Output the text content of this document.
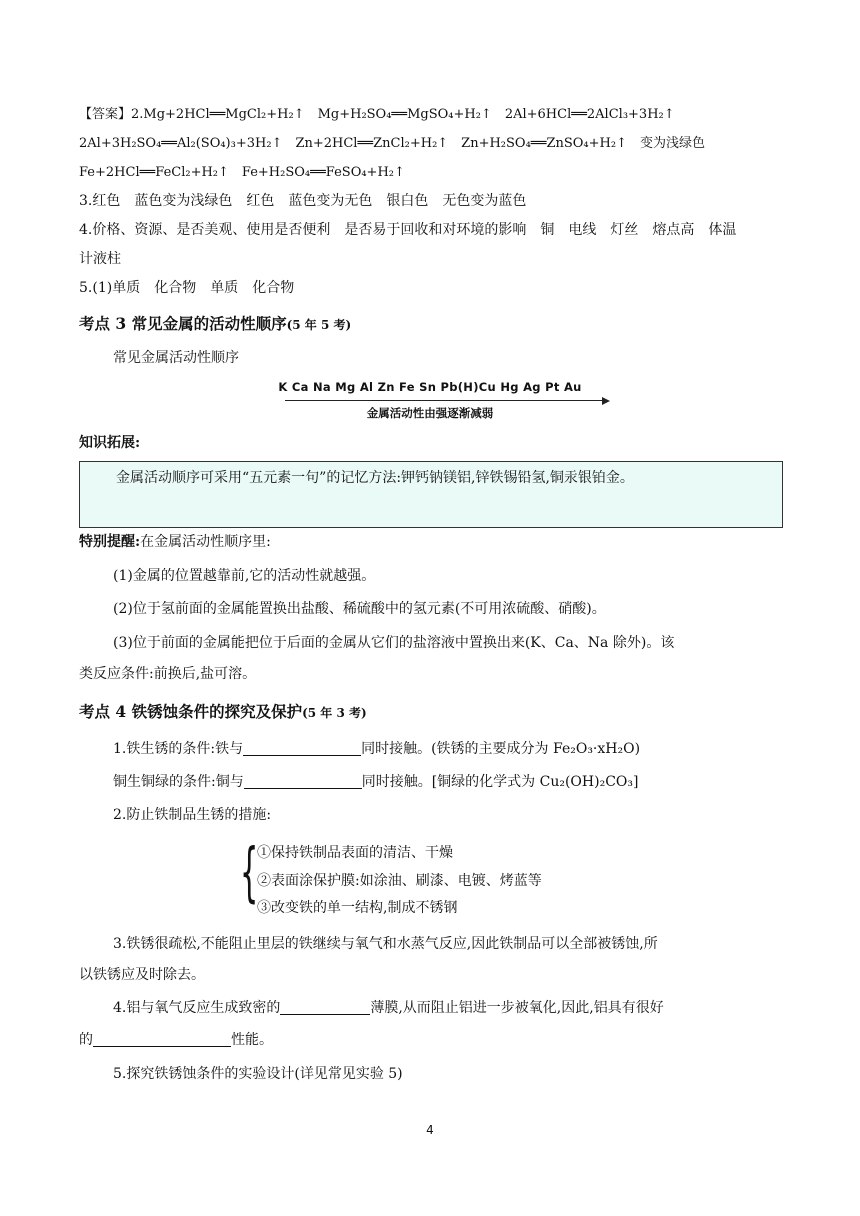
【答案】2.Mg+2HCl══MgCl₂+H₂↑　Mg+H₂SO₄══MgSO₄+H₂↑　2Al+6HCl══2AlCl₃+3H₂↑
2Al+3H₂SO₄══Al₂(SO₄)₃+3H₂↑　Zn+2HCl══ZnCl₂+H₂↑　Zn+H₂SO₄══ZnSO₄+H₂↑　变为浅绿色
Fe+2HCl══FeCl₂+H₂↑　Fe+H₂SO₄══FeSO₄+H₂↑
3.红色　蓝色变为浅绿色　红色　蓝色变为无色　银白色　无色变为蓝色
4.价格、资源、是否美观、使用是否便利　是否易于回收和对环境的影响　铜　电线　灯丝　熔点高　体温
计液柱
5.(1)单质　化合物　单质　化合物
考点 3 常见金属的活动性顺序(5 年 5 考)
常见金属活动性顺序
K Ca Na Mg Al Zn Fe Sn Pb(H)Cu Hg Ag Pt Au
金属活动性由强逐渐减弱
知识拓展:
金属活动顺序可采用“五元素一句”的记忆方法:钾钙钠镁铝,锌铁锡铅氢,铜汞银铂金。
特别提醒:在金属活动性顺序里:
(1)金属的位置越靠前,它的活动性就越强。
(2)位于氢前面的金属能置换出盐酸、稀硫酸中的氢元素(不可用浓硫酸、硝酸)。
(3)位于前面的金属能把位于后面的金属从它们的盐溶液中置换出来(K、Ca、Na 除外)。该
类反应条件:前换后,盐可溶。
考点 4 铁锈蚀条件的探究及保护(5 年 3 考)
1.铁生锈的条件:铁与	同时接触。(铁锈的主要成分为 Fe₂O₃·xH₂O)
铜生铜绿的条件:铜与	同时接触。[铜绿的化学式为 Cu₂(OH)₂CO₃]
2.防止铁制品生锈的措施:
{
①保持铁制品表面的清洁、干燥
②表面涂保护膜:如涂油、刷漆、电镀、烤蓝等
③改变铁的单一结构,制成不锈钢
3.铁锈很疏松,不能阻止里层的铁继续与氧气和水蒸气反应,因此铁制品可以全部被锈蚀,所
以铁锈应及时除去。
4.铝与氧气反应生成致密的	薄膜,从而阻止铝进一步被氧化,因此,铝具有很好
的	性能。
5.探究铁锈蚀条件的实验设计(详见常见实验 5)
4
